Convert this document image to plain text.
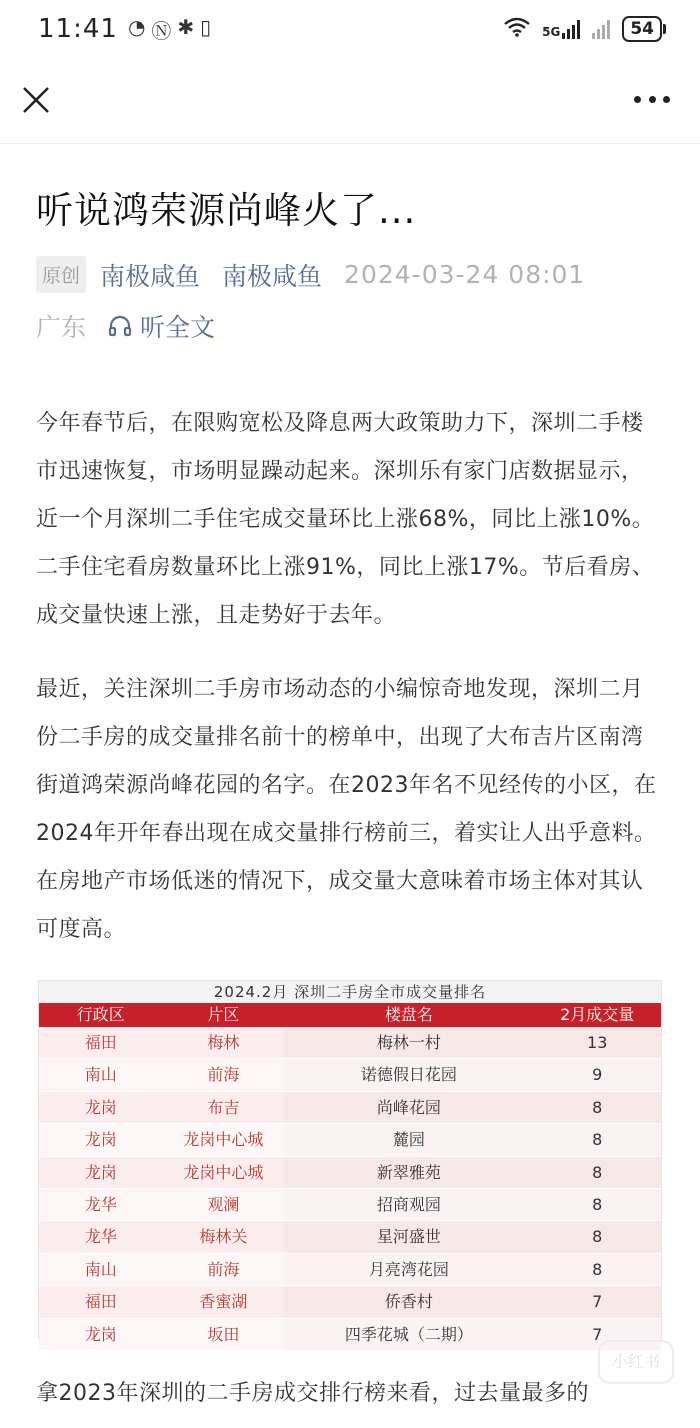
11:41 ◔ Ⓝ ✱ ▯	5G	54
听说鸿荣源尚峰火了...
原创 南极咸鱼 南极咸鱼 2024-03-24 08:01
广东 听全文

今年春节后，在限购宽松及降息两大政策助力下，深圳二手楼市迅速恢复，市场明显躁动起来。深圳乐有家门店数据显示，近一个月深圳二手住宅成交量环比上涨68%，同比上涨10%。二手住宅看房数量环比上涨91%，同比上涨17%。节后看房、成交量快速上涨，且走势好于去年。

最近，关注深圳二手房市场动态的小编惊奇地发现，深圳二月份二手房的成交量排名前十的榜单中，出现了大布吉片区南湾街道鸿荣源尚峰花园的名字。在2023年名不见经传的小区，在2024年开年春出现在成交量排行榜前三，着实让人出乎意料。在房地产市场低迷的情况下，成交量大意味着市场主体对其认可度高。

2024.2月 深圳二手房全市成交量排名
行政区	片区	楼盘名	2月成交量
福田	梅林	梅林一村	13
南山	前海	诺德假日花园	9
龙岗	布吉	尚峰花园	8
龙岗	龙岗中心城	麓园	8
龙岗	龙岗中心城	新翠雅苑	8
龙华	观澜	招商观园	8
龙华	梅林关	星河盛世	8
南山	前海	月亮湾花园	8
福田	香蜜湖	侨香村	7
龙岗	坂田	四季花城（二期）	7

拿2023年深圳的二手房成交排行榜来看，过去量最多的

小红书
